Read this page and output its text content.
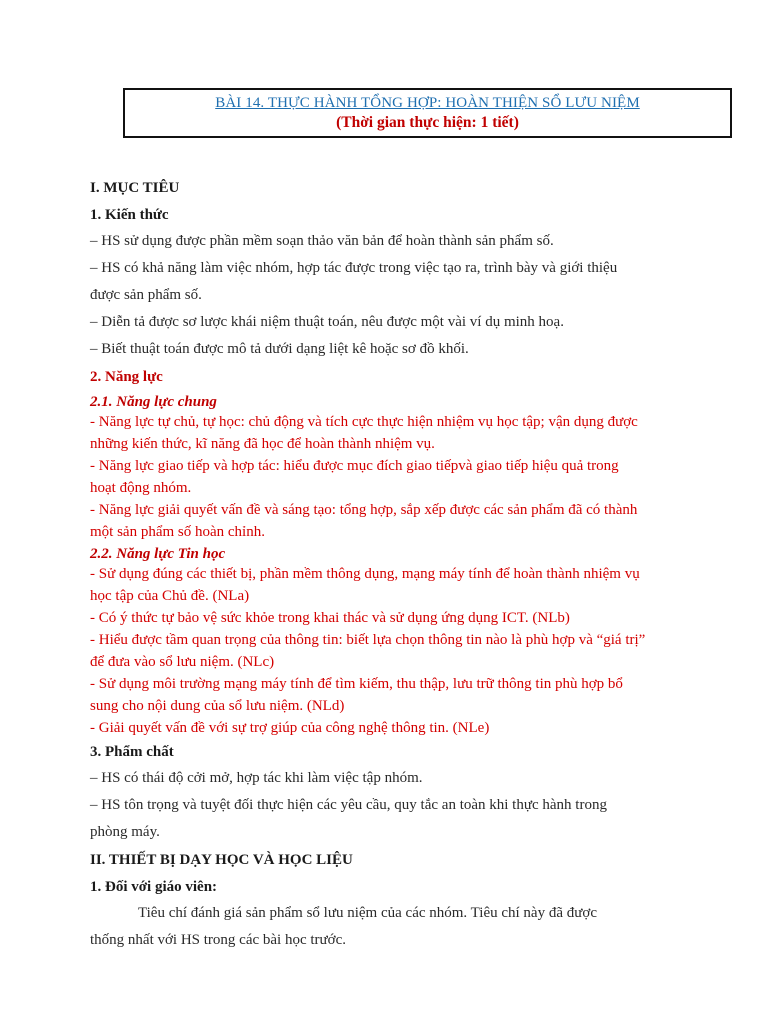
BÀI 14. THỰC HÀNH TỔNG HỢP: HOÀN THIỆN SỔ LƯU NIỆM
(Thời gian thực hiện: 1 tiết)
I. MỤC TIÊU
1. Kiến thức
– HS sử dụng được phần mềm soạn thảo văn bản để hoàn thành sản phẩm số.
– HS có khả năng làm việc nhóm, hợp tác được trong việc tạo ra, trình bày và giới thiệu
được sản phẩm số.
– Diễn tả được sơ lược khái niệm thuật toán, nêu được một vài ví dụ minh hoạ.
– Biết thuật toán được mô tả dưới dạng liệt kê hoặc sơ đồ khối.
2. Năng lực
2.1. Năng lực chung
- Năng lực tự chủ, tự học: chủ động và tích cực thực hiện nhiệm vụ học tập; vận dụng được
những kiến thức, kĩ năng đã học để hoàn thành nhiệm vụ.
- Năng lực giao tiếp và hợp tác: hiểu được mục đích giao tiếpvà giao tiếp hiệu quả trong
hoạt động nhóm.
- Năng lực giải quyết vấn đề và sáng tạo: tổng hợp, sắp xếp được các sản phẩm đã có thành
một sản phẩm số hoàn chỉnh.
2.2. Năng lực Tin học
- Sử dụng đúng các thiết bị, phần mềm thông dụng, mạng máy tính để hoàn thành nhiệm vụ
học tập của Chủ đề. (NLa)
- Có ý thức tự bảo vệ sức khỏe trong khai thác và sử dụng ứng dụng ICT. (NLb)
- Hiểu được tầm quan trọng của thông tin: biết lựa chọn thông tin nào là phù hợp và “giá trị”
để đưa vào sổ lưu niệm. (NLc)
- Sử dụng môi trường mạng máy tính để tìm kiếm, thu thập, lưu trữ thông tin phù hợp bổ
sung cho nội dung của sổ lưu niệm. (NLd)
- Giải quyết vấn đề với sự trợ giúp của công nghệ thông tin. (NLe)
3. Phẩm chất
– HS có thái độ cởi mở, hợp tác khi làm việc tập nhóm.
– HS tôn trọng và tuyệt đối thực hiện các yêu cầu, quy tắc an toàn khi thực hành trong
phòng máy.
II. THIẾT BỊ DẠY HỌC VÀ HỌC LIỆU
1. Đối với giáo viên:
Tiêu chí đánh giá sản phẩm sổ lưu niệm của các nhóm. Tiêu chí này đã được
thống nhất với HS trong các bài học trước.
